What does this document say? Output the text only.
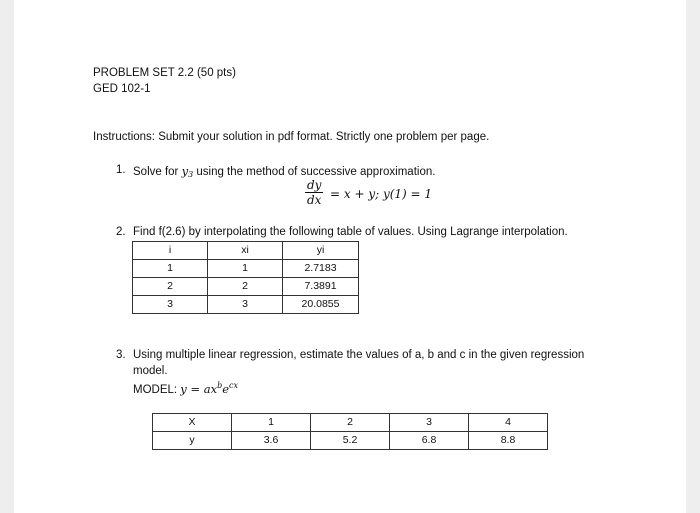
PROBLEM SET 2.2 (50 pts)
GED 102-1
Instructions: Submit your solution in pdf format. Strictly one problem per page.
1. Solve for $y_3$ using the method of successive approximation.
$\frac{dy}{dx} = x + y$; y(1) = 1
2. Find f(2.6) by interpolating the following table of values. Using Lagrange interpolation.
i	xi	yi
1	1	2.7183
2	2	7.3891
3	3	20.0855
3. Using multiple linear regression, estimate the values of a, b and c in the given regression
model.
MODEL: $y = ax^be^{cx}$
X	1	2	3	4
y	3.6	5.2	6.8	8.8
